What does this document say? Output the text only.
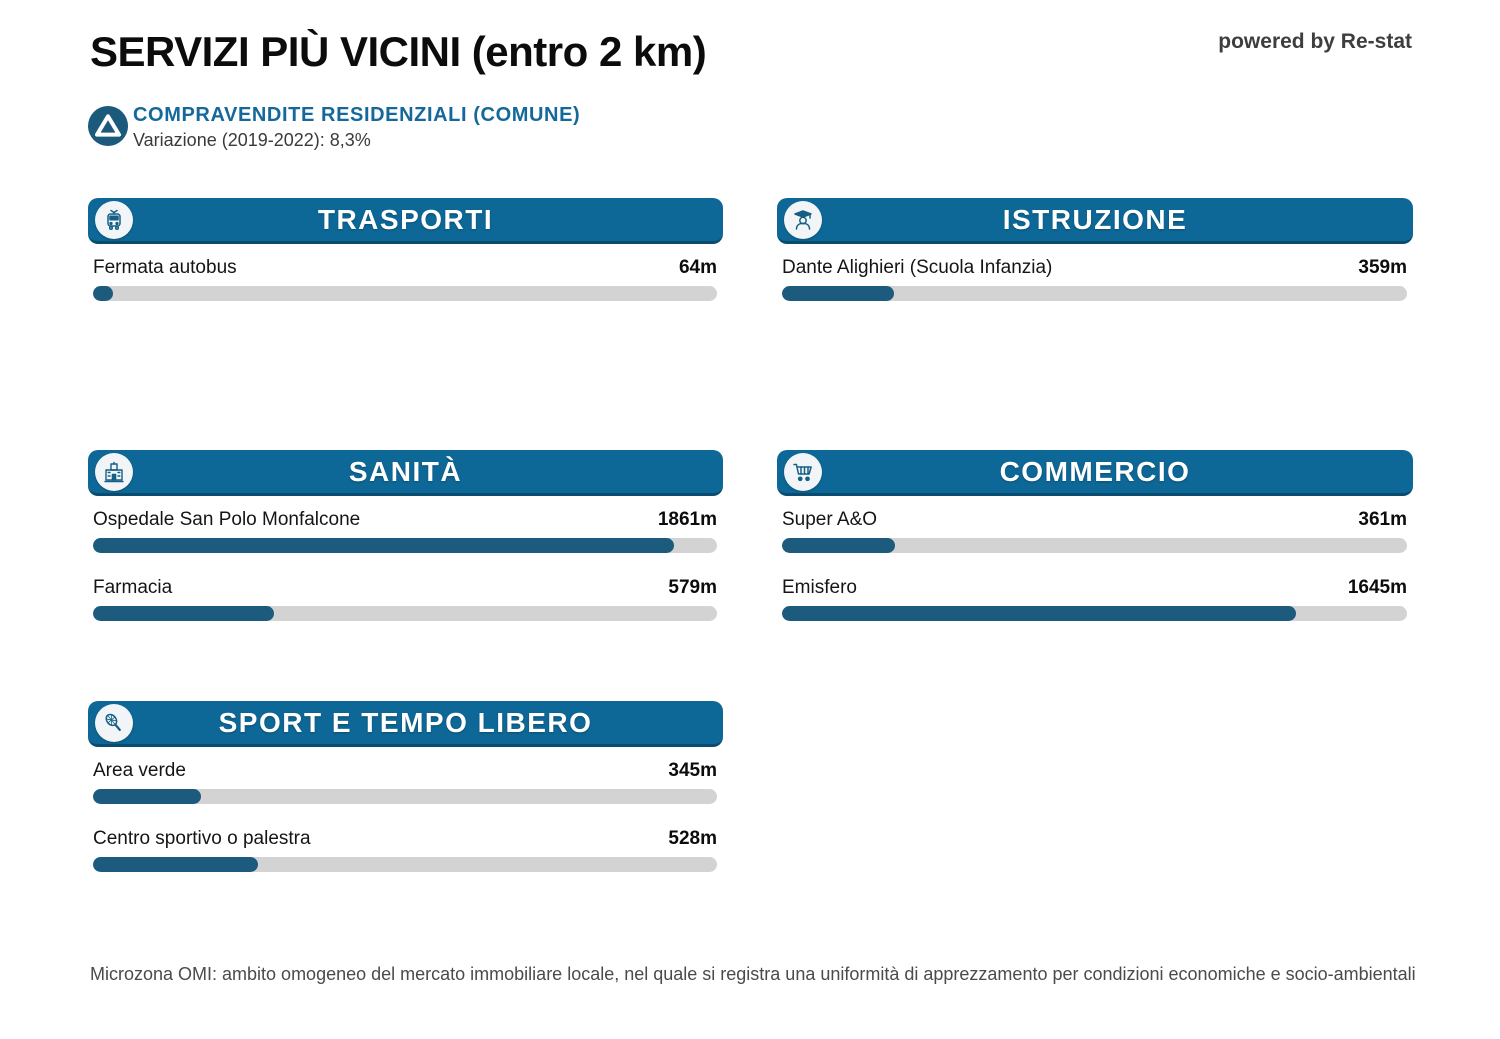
SERVIZI PIÙ VICINI (entro 2 km)	powered by Re-stat
COMPRAVENDITE RESIDENZIALI (COMUNE)
Variazione (2019-2022): 8,3%
TRASPORTI
Fermata autobus	64m
ISTRUZIONE
Dante Alighieri (Scuola Infanzia)	359m
SANITÀ
Ospedale San Polo Monfalcone	1861m
Farmacia	579m
COMMERCIO
Super A&O	361m
Emisfero	1645m
SPORT E TEMPO LIBERO
Area verde	345m
Centro sportivo o palestra	528m

Microzona OMI: ambito omogeneo del mercato immobiliare locale, nel quale si registra una uniformità di apprezzamento per condizioni economiche e socio-ambientali
